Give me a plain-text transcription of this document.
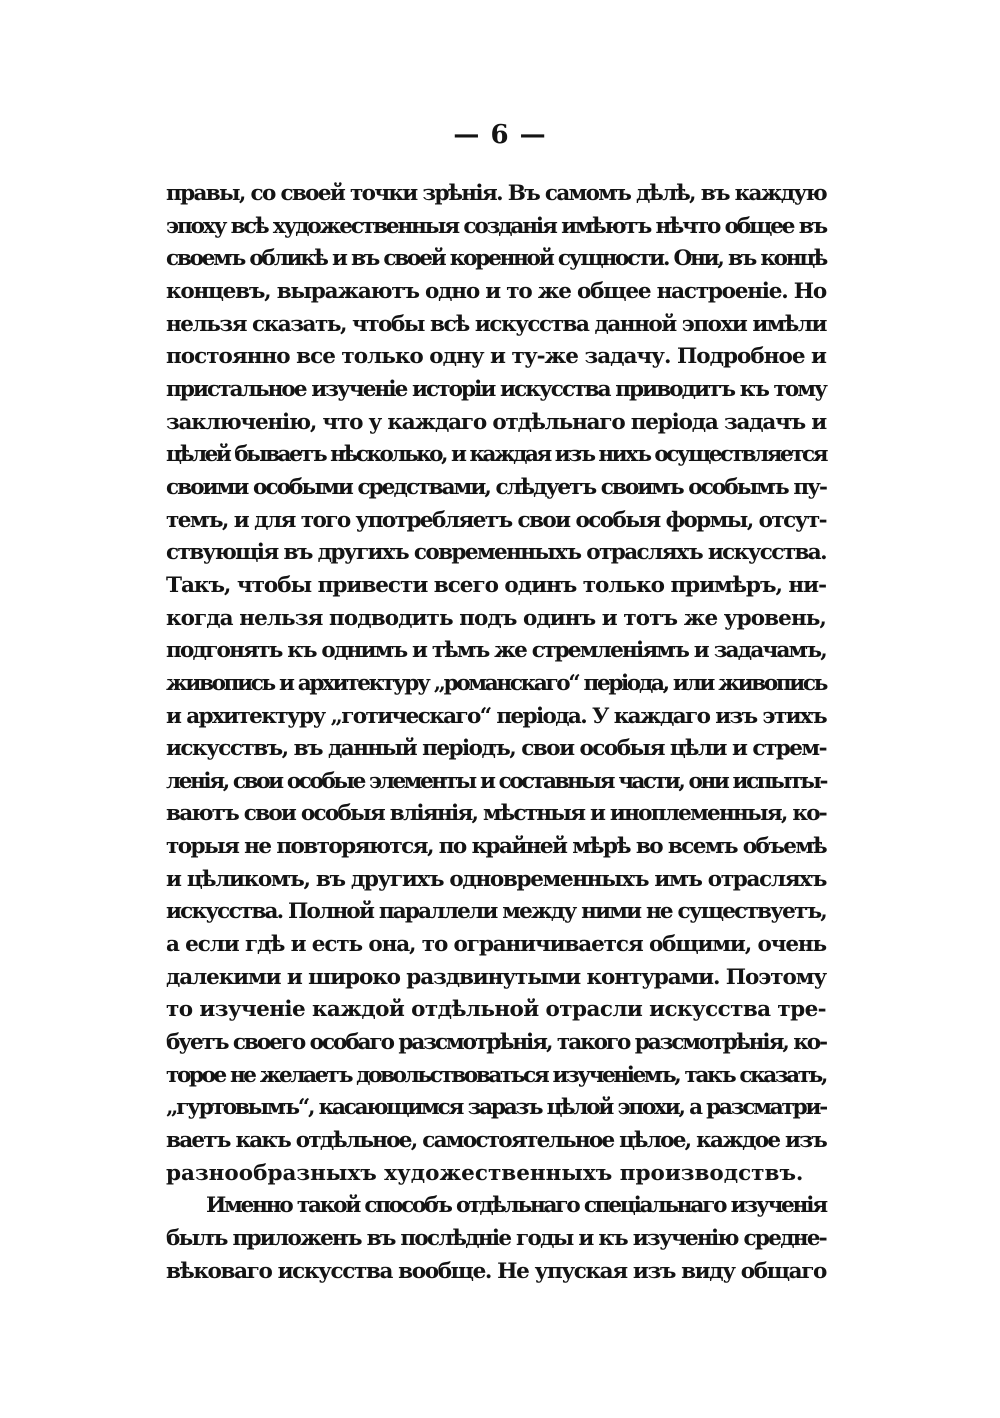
— 6 —
правы, со своей точки зрѣнія. Въ самомъ дѣлѣ, въ каждую
эпоху всѣ художественныя созданія имѣютъ нѣчто общее въ
своемъ обликѣ и въ своей коренной сущности. Они, въ концѣ
концевъ, выражаютъ одно и то же общее настроеніе. Но
нельзя сказать, чтобы всѣ искусства данной эпохи имѣли
постоянно все только одну и ту-же задачу. Подробное и
пристальное изученіе исторіи искусства приводитъ къ тому
заключенію, что у каждаго отдѣльнаго періода задачъ и
цѣлей бываетъ нѣсколько, и каждая изъ нихъ осуществляется
своими особыми средствами, слѣдуетъ своимъ особымъ пу-
темъ, и для того употребляетъ свои особыя формы, отсут-
ствующія въ другихъ современныхъ отрасляхъ искусства.
Такъ, чтобы привести всего одинъ только примѣръ, ни-
когда нельзя подводить подъ одинъ и тотъ же уровень,
подгонять къ однимъ и тѣмъ же стремленіямъ и задачамъ,
живопись и архитектуру „романскаго“ періода, или живопись
и архитектуру „готическаго“ періода. У каждаго изъ этихъ
искусствъ, въ данный періодъ, свои особыя цѣли и стрем-
ленія, свои особые элементы и составныя части, они испыты-
ваютъ свои особыя вліянія, мѣстныя и иноплеменныя, ко-
торыя не повторяются, по крайней мѣрѣ во всемъ объемѣ
и цѣликомъ, въ другихъ одновременныхъ имъ отрасляхъ
искусства. Полной параллели между ними не существуетъ,
а если гдѣ и есть она, то ограничивается общими, очень
далекими и широко раздвинутыми контурами. Поэтому
то изученіе каждой отдѣльной отрасли искусства тре-
буетъ своего особаго разсмотрѣнія, такого разсмотрѣнія, ко-
торое не желаетъ довольствоваться изученіемъ, такъ сказать,
„гуртовымъ“, касающимся заразъ цѣлой эпохи, а разсматри-
ваетъ какъ отдѣльное, самостоятельное цѣлое, каждое изъ
разнообразныхъ художественныхъ производствъ.
Именно такой способъ отдѣльнаго спеціальнаго изученія
былъ приложенъ въ послѣдніе годы и къ изученію средне-
вѣковаго искусства вообще. Не упуская изъ виду общаго
